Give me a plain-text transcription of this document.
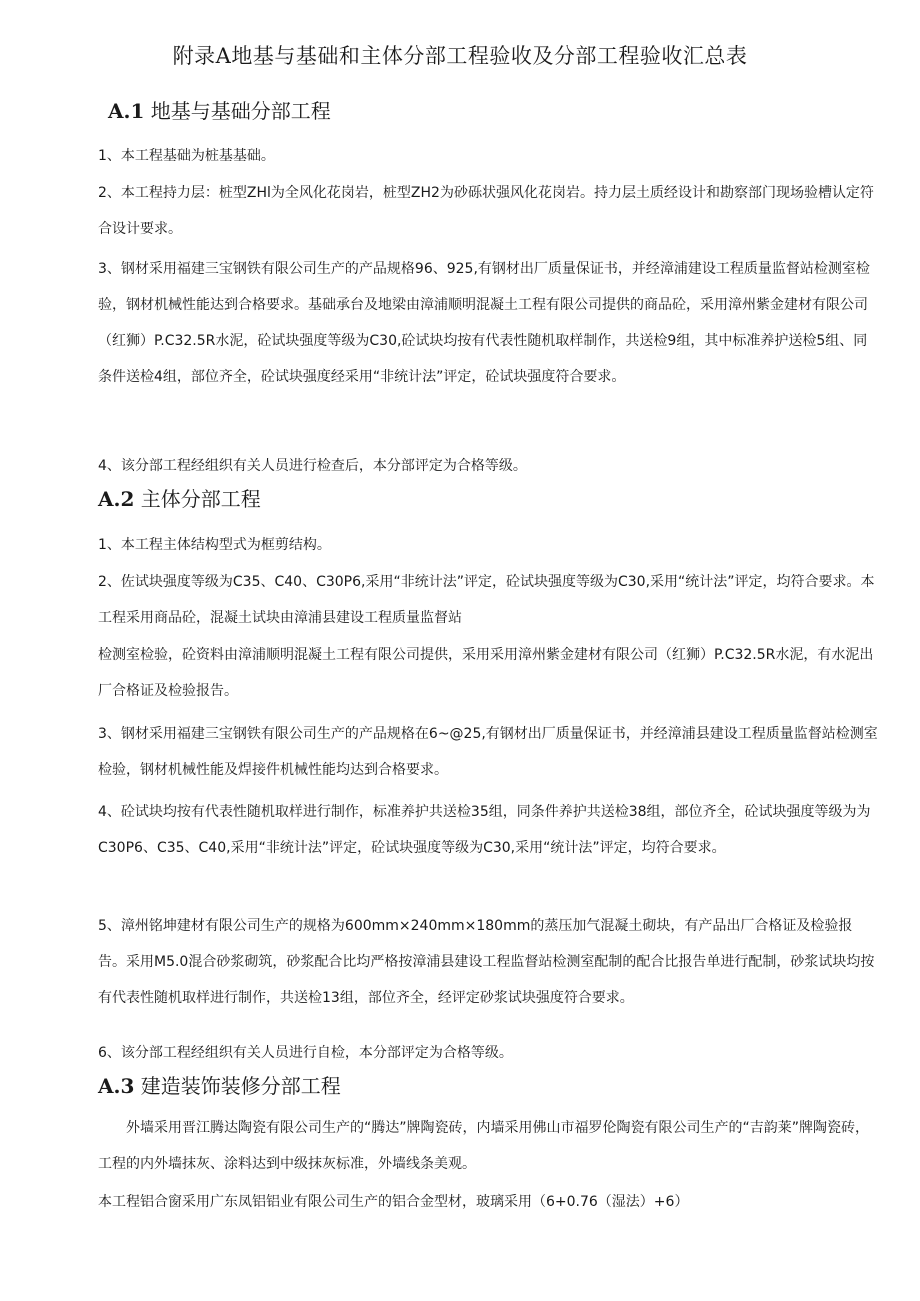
附录A地基与基础和主体分部工程验收及分部工程验收汇总表
A.1 地基与基础分部工程
1、本工程基础为桩基基础。
2、本工程持力层：桩型ZHl为全风化花岗岩，桩型ZH2为砂砾状强风化花岗岩。持力层土质经设计和勘察部门现场验槽认定符合设计要求。
3、钢材采用福建三宝钢铁有限公司生产的产品规格96、925,有钢材出厂质量保证书，并经漳浦建设工程质量监督站检测室检验，钢材机械性能达到合格要求。基础承台及地梁由漳浦顺明混凝土工程有限公司提供的商品砼，采用漳州紫金建材有限公司（红狮）P.C32.5R水泥，砼试块强度等级为C30,砼试块均按有代表性随机取样制作，共送检9组，其中标准养护送检5组、同条件送检4组，部位齐全，砼试块强度经采用“非统计法”评定，砼试块强度符合要求。
4、该分部工程经组织有关人员进行检查后，本分部评定为合格等级。
A.2 主体分部工程
1、本工程主体结构型式为框剪结构。
2、佐试块强度等级为C35、C40、C30P6,采用“非统计法”评定，砼试块强度等级为C30,采用“统计法”评定，均符合要求。本工程采用商品砼，混凝土试块由漳浦县建设工程质量监督站
检测室检验，砼资料由漳浦顺明混凝土工程有限公司提供，采用采用漳州紫金建材有限公司（红狮）P.C32.5R水泥，有水泥出厂合格证及检验报告。
3、钢材采用福建三宝钢铁有限公司生产的产品规格在6~@25,有钢材出厂质量保证书，并经漳浦县建设工程质量监督站检测室检验，钢材机械性能及焊接件机械性能均达到合格要求。
4、砼试块均按有代表性随机取样进行制作，标准养护共送检35组，同条件养护共送检38组，部位齐全，砼试块强度等级为为C30P6、C35、C40,采用“非统计法”评定，砼试块强度等级为C30,采用“统计法”评定，均符合要求。
5、漳州铭坤建材有限公司生产的规格为600mm×240mm×180mm的蒸压加气混凝土砌块，有产品出厂合格证及检验报告。采用M5.0混合砂浆砌筑，砂浆配合比均严格按漳浦县建设工程监督站检测室配制的配合比报告单进行配制，砂浆试块均按有代表性随机取样进行制作，共送检13组，部位齐全，经评定砂浆试块强度符合要求。
6、该分部工程经组织有关人员进行自检，本分部评定为合格等级。
A.3 建造装饰装修分部工程
外墙采用晋江腾达陶瓷有限公司生产的“腾达”牌陶瓷砖，内墙采用佛山市福罗伦陶瓷有限公司生产的“吉韵莱”牌陶瓷砖，工程的内外墙抹灰、涂料达到中级抹灰标准，外墙线条美观。
本工程铝合窗采用广东凤铝铝业有限公司生产的铝合金型材，玻璃采用（6+0.76（湿法）+6）
